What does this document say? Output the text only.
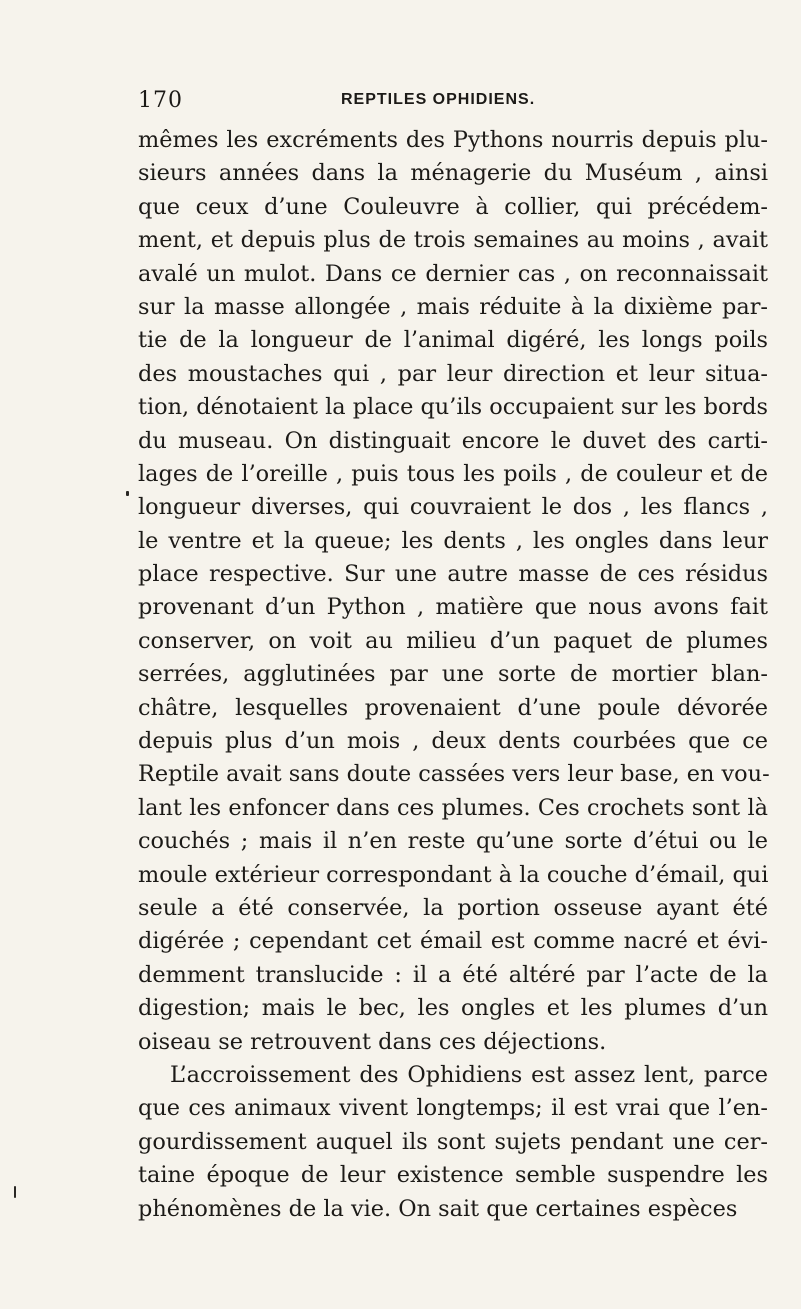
170	REPTILES OPHIDIENS.
mêmes les excréments des Pythons nourris depuis plu-
sieurs années dans la ménagerie du Muséum , ainsi
que ceux d’une Couleuvre à collier, qui précédem-
ment, et depuis plus de trois semaines au moins , avait
avalé un mulot. Dans ce dernier cas , on reconnaissait
sur la masse allongée , mais réduite à la dixième par-
tie de la longueur de l’animal digéré, les longs poils
des moustaches qui , par leur direction et leur situa-
tion, dénotaient la place qu’ils occupaient sur les bords
du museau. On distinguait encore le duvet des carti-
lages de l’oreille , puis tous les poils , de couleur et de
longueur diverses, qui couvraient le dos , les flancs ,
le ventre et la queue; les dents , les ongles dans leur
place respective. Sur une autre masse de ces résidus
provenant d’un Python , matière que nous avons fait
conserver, on voit au milieu d’un paquet de plumes
serrées, agglutinées par une sorte de mortier blan-
châtre, lesquelles provenaient d’une poule dévorée
depuis plus d’un mois , deux dents courbées que ce
Reptile avait sans doute cassées vers leur base, en vou-
lant les enfoncer dans ces plumes. Ces crochets sont là
couchés ; mais il n’en reste qu’une sorte d’étui ou le
moule extérieur correspondant à la couche d’émail, qui
seule a été conservée, la portion osseuse ayant été
digérée ; cependant cet émail est comme nacré et évi-
demment translucide : il a été altéré par l’acte de la
digestion; mais le bec, les ongles et les plumes d’un
oiseau se retrouvent dans ces déjections.
L’accroissement des Ophidiens est assez lent, parce
que ces animaux vivent longtemps; il est vrai que l’en-
gourdissement auquel ils sont sujets pendant une cer-
taine époque de leur existence semble suspendre les
phénomènes de la vie. On sait que certaines espèces
